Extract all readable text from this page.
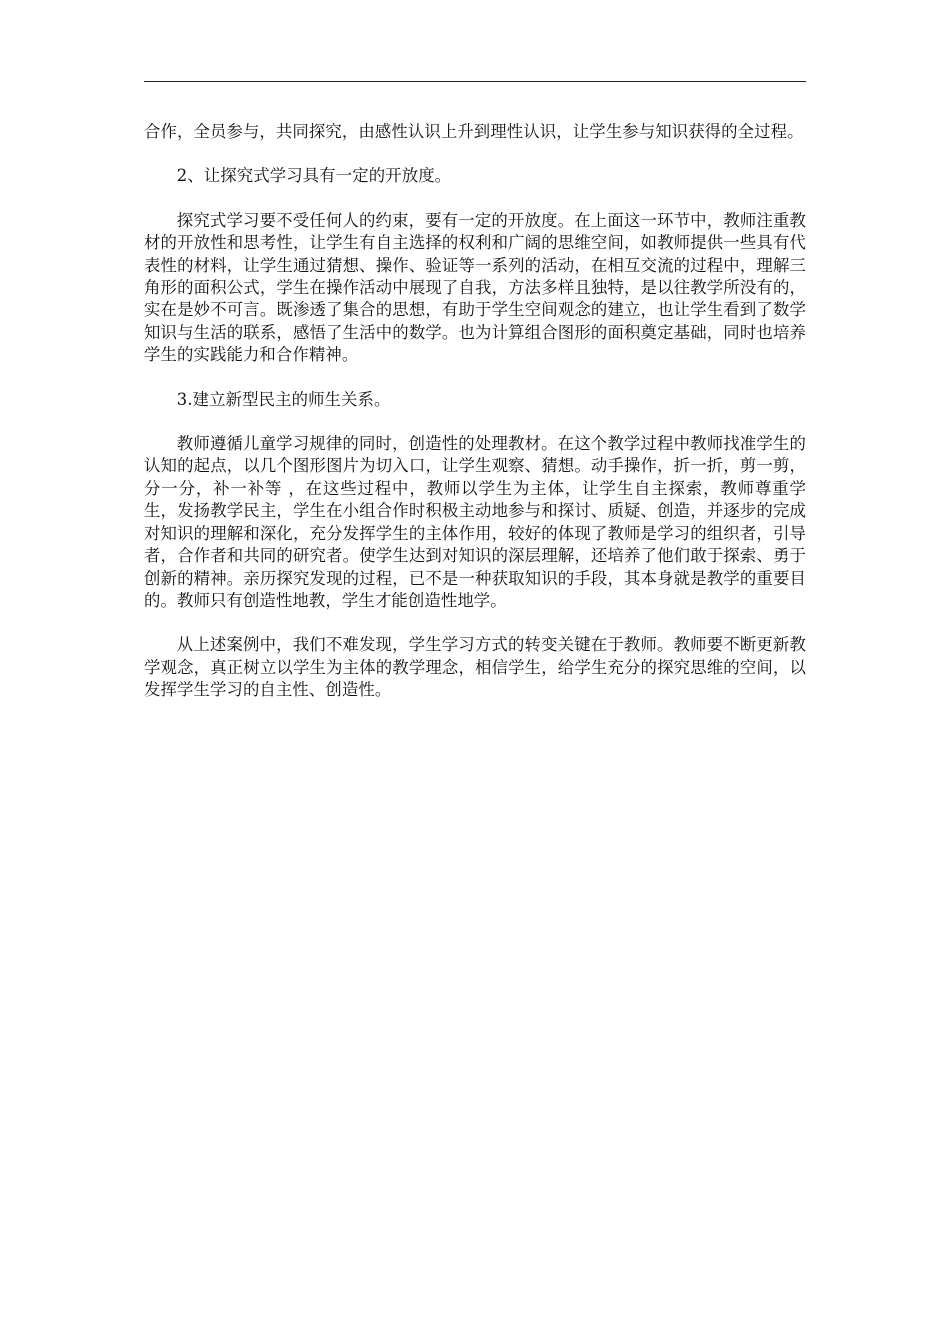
合作，全员参与，共同探究，由感性认识上升到理性认识，让学生参与知识获得的全过程。

2、让探究式学习具有一定的开放度。

探究式学习要不受任何人的约束，要有一定的开放度。在上面这一环节中，教师注重教材的开放性和思考性，让学生有自主选择的权利和广阔的思维空间，如教师提供一些具有代表性的材料，让学生通过猜想、操作、验证等一系列的活动，在相互交流的过程中，理解三角形的面积公式，学生在操作活动中展现了自我，方法多样且独特，是以往教学所没有的，实在是妙不可言。既渗透了集合的思想，有助于学生空间观念的建立，也让学生看到了数学知识与生活的联系，感悟了生活中的数学。也为计算组合图形的面积奠定基础，同时也培养学生的实践能力和合作精神。

3.建立新型民主的师生关系。

教师遵循儿童学习规律的同时，创造性的处理教材。在这个教学过程中教师找准学生的认知的起点，以几个图形图片为切入口，让学生观察、猜想。动手操作，折一折，剪一剪，分一分，补一补等 ，在这些过程中，教师以学生为主体，让学生自主探索，教师尊重学生，发扬教学民主，学生在小组合作时积极主动地参与和探讨、质疑、创造，并逐步的完成对知识的理解和深化，充分发挥学生的主体作用，较好的体现了教师是学习的组织者，引导者，合作者和共同的研究者。使学生达到对知识的深层理解，还培养了他们敢于探索、勇于创新的精神。亲历探究发现的过程，已不是一种获取知识的手段，其本身就是教学的重要目的。教师只有创造性地教，学生才能创造性地学。

从上述案例中，我们不难发现，学生学习方式的转变关键在于教师。教师要不断更新教学观念，真正树立以学生为主体的教学理念，相信学生，给学生充分的探究思维的空间，以发挥学生学习的自主性、创造性。
